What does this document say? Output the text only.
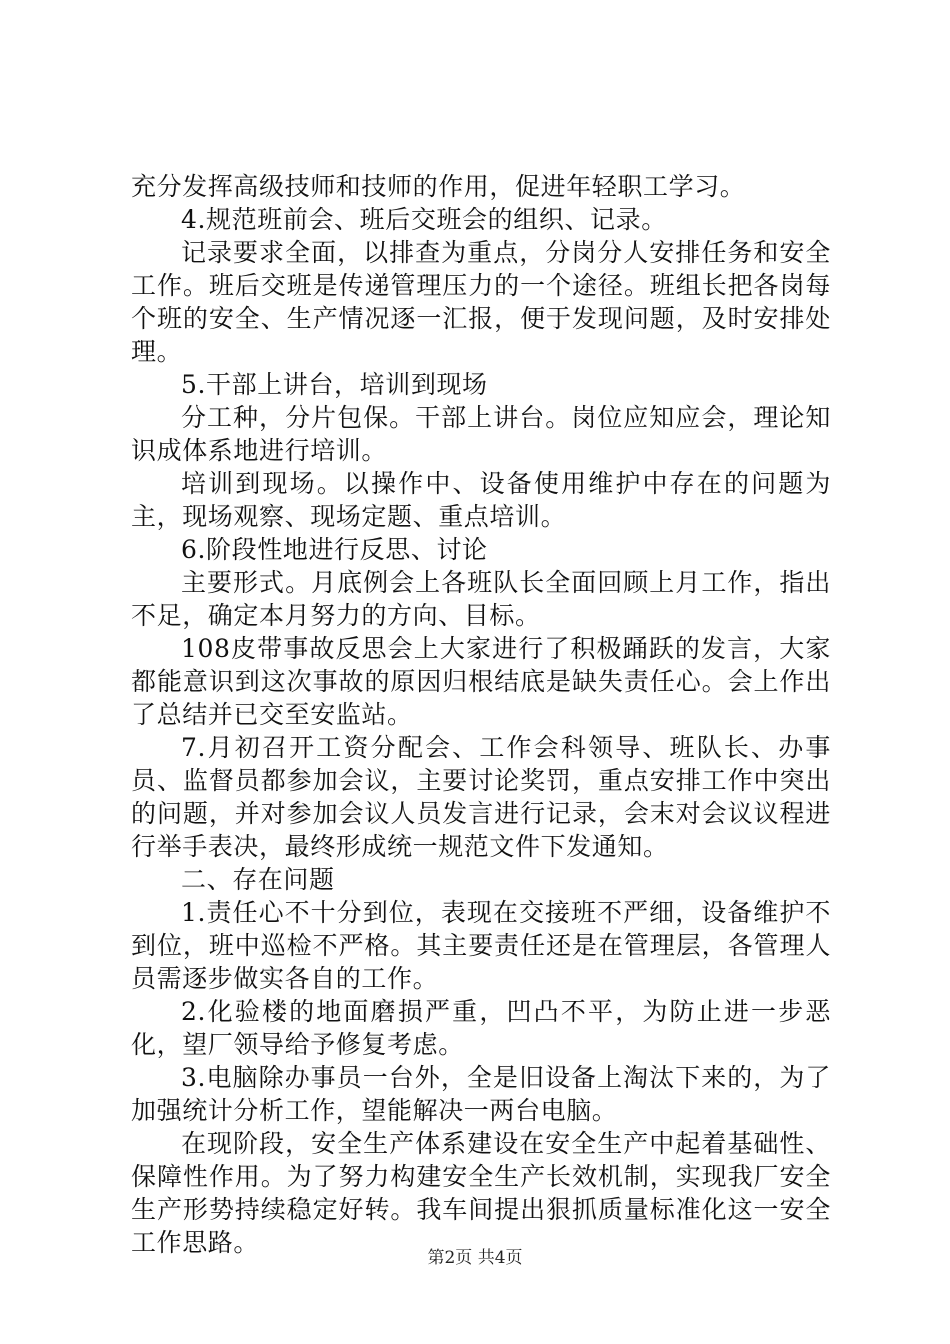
充分发挥高级技师和技师的作用，促进年轻职工学习。

4.规范班前会、班后交班会的组织、记录。

记录要求全面，以排查为重点，分岗分人安排任务和安全工作。班后交班是传递管理压力的一个途径。班组长把各岗每个班的安全、生产情况逐一汇报，便于发现问题，及时安排处理。

5.干部上讲台，培训到现场

分工种，分片包保。干部上讲台。岗位应知应会，理论知识成体系地进行培训。

培训到现场。以操作中、设备使用维护中存在的问题为主，现场观察、现场定题、重点培训。

6.阶段性地进行反思、讨论

主要形式。月底例会上各班队长全面回顾上月工作，指出不足，确定本月努力的方向、目标。

108皮带事故反思会上大家进行了积极踊跃的发言，大家都能意识到这次事故的原因归根结底是缺失责任心。会上作出了总结并已交至安监站。

7.月初召开工资分配会、工作会科领导、班队长、办事员、监督员都参加会议，主要讨论奖罚，重点安排工作中突出的问题，并对参加会议人员发言进行记录，会末对会议议程进行举手表决，最终形成统一规范文件下发通知。

二、存在问题

1.责任心不十分到位，表现在交接班不严细，设备维护不到位，班中巡检不严格。其主要责任还是在管理层，各管理人员需逐步做实各自的工作。

2.化验楼的地面磨损严重，凹凸不平，为防止进一步恶化，望厂领导给予修复考虑。

3.电脑除办事员一台外，全是旧设备上淘汰下来的，为了加强统计分析工作，望能解决一两台电脑。

在现阶段，安全生产体系建设在安全生产中起着基础性、保障性作用。为了努力构建安全生产长效机制，实现我厂安全生产形势持续稳定好转。我车间提出狠抓质量标准化这一安全工作思路。

第2页 共4页
